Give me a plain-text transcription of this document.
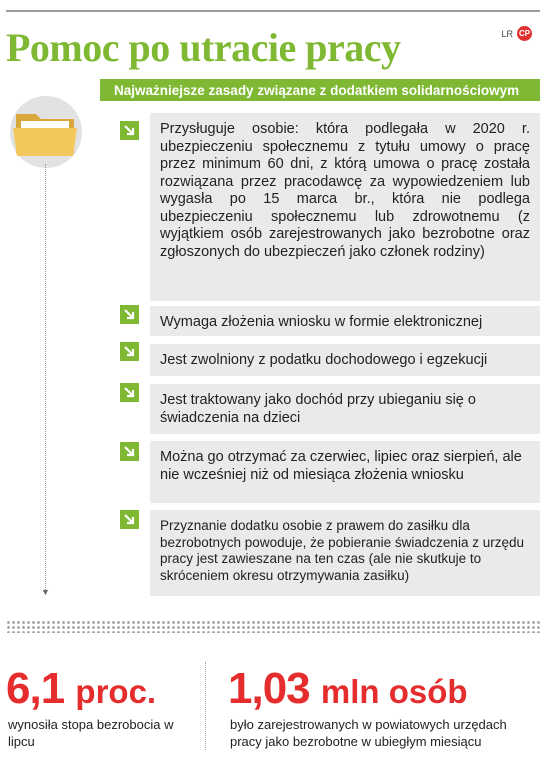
Pomoc po utracie pracy	LR CP
Najważniejsze zasady związane z dodatkiem solidarnościowym
▼
Przysługuje osobie: która podlegała w 2020 r. ubezpieczeniu społecznemu z tytułu umowy o pracę przez minimum 60 dni, z którą umowa o pracę została rozwiązana przez pracodawcę za wypowiedzeniem lub wygasła po 15 marca br., która nie podlega ubezpieczeniu społecznemu lub zdrowotnemu (z wyjątkiem osób zarejestrowanych jako bezrobotne oraz zgłoszonych do ubezpieczeń jako członek rodziny)
Wymaga złożenia wniosku w formie elektronicznej
Jest zwolniony z podatku dochodowego i egzekucji
Jest traktowany jako dochód przy ubieganiu się o świadczenia na dzieci
Można go otrzymać za czerwiec, lipiec oraz sierpień, ale nie wcześniej niż od miesiąca złożenia wniosku
Przyznanie dodatku osobie z prawem do zasiłku dla bezrobotnych powoduje, że pobieranie świadczenia z urzędu pracy jest zawieszane na ten czas (ale nie skutkuje to skróceniem okresu otrzymywania zasiłku)
6,1 proc.
wynosiła stopa bezrobocia w lipcu
1,03 mln osób
było zarejestrowanych w powiatowych urzędach pracy jako bezrobotne w ubiegłym miesiącu
